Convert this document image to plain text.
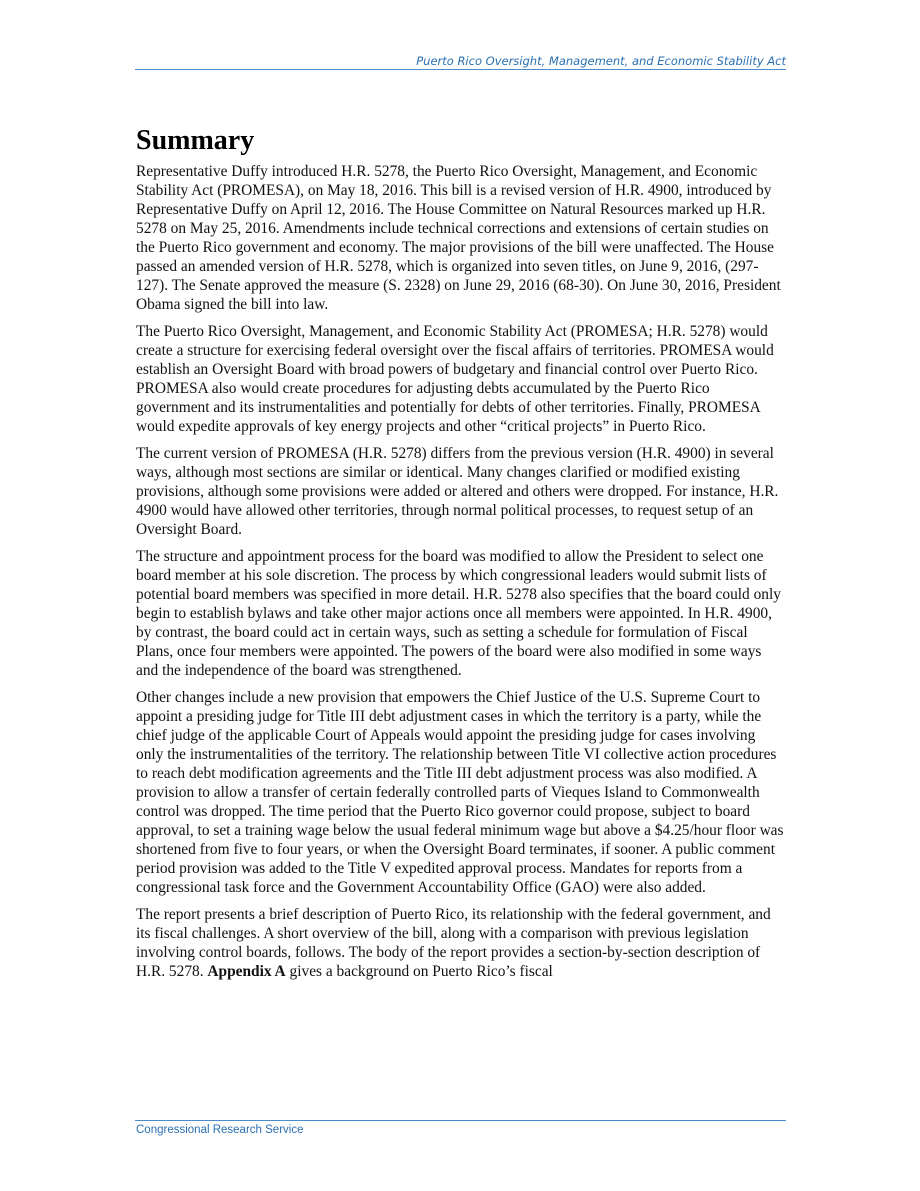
Puerto Rico Oversight, Management, and Economic Stability Act
Summary

Representative Duffy introduced H.R. 5278, the Puerto Rico Oversight, Management, and Economic Stability Act (PROMESA), on May 18, 2016. This bill is a revised version of H.R. 4900, introduced by Representative Duffy on April 12, 2016. The House Committee on Natural Resources marked up H.R. 5278 on May 25, 2016. Amendments include technical corrections and extensions of certain studies on the Puerto Rico government and economy. The major provisions of the bill were unaffected. The House passed an amended version of H.R. 5278, which is organized into seven titles, on June 9, 2016, (297-127). The Senate approved the measure (S. 2328) on June 29, 2016 (68-30). On June 30, 2016, President Obama signed the bill into law.

The Puerto Rico Oversight, Management, and Economic Stability Act (PROMESA; H.R. 5278) would create a structure for exercising federal oversight over the fiscal affairs of territories. PROMESA would establish an Oversight Board with broad powers of budgetary and financial control over Puerto Rico. PROMESA also would create procedures for adjusting debts accumulated by the Puerto Rico government and its instrumentalities and potentially for debts of other territories. Finally, PROMESA would expedite approvals of key energy projects and other “critical projects” in Puerto Rico.

The current version of PROMESA (H.R. 5278) differs from the previous version (H.R. 4900) in several ways, although most sections are similar or identical. Many changes clarified or modified existing provisions, although some provisions were added or altered and others were dropped. For instance, H.R. 4900 would have allowed other territories, through normal political processes, to request setup of an Oversight Board.

The structure and appointment process for the board was modified to allow the President to select one board member at his sole discretion. The process by which congressional leaders would submit lists of potential board members was specified in more detail. H.R. 5278 also specifies that the board could only begin to establish bylaws and take other major actions once all members were appointed. In H.R. 4900, by contrast, the board could act in certain ways, such as setting a schedule for formulation of Fiscal Plans, once four members were appointed. The powers of the board were also modified in some ways and the independence of the board was strengthened.

Other changes include a new provision that empowers the Chief Justice of the U.S. Supreme Court to appoint a presiding judge for Title III debt adjustment cases in which the territory is a party, while the chief judge of the applicable Court of Appeals would appoint the presiding judge for cases involving only the instrumentalities of the territory. The relationship between Title VI collective action procedures to reach debt modification agreements and the Title III debt adjustment process was also modified. A provision to allow a transfer of certain federally controlled parts of Vieques Island to Commonwealth control was dropped. The time period that the Puerto Rico governor could propose, subject to board approval, to set a training wage below the usual federal minimum wage but above a $4.25/hour floor was shortened from five to four years, or when the Oversight Board terminates, if sooner. A public comment period provision was added to the Title V expedited approval process. Mandates for reports from a congressional task force and the Government Accountability Office (GAO) were also added.

The report presents a brief description of Puerto Rico, its relationship with the federal government, and its fiscal challenges. A short overview of the bill, along with a comparison with previous legislation involving control boards, follows. The body of the report provides a section-by-section description of H.R. 5278. Appendix A gives a background on Puerto Rico’s fiscal

Congressional Research Service
